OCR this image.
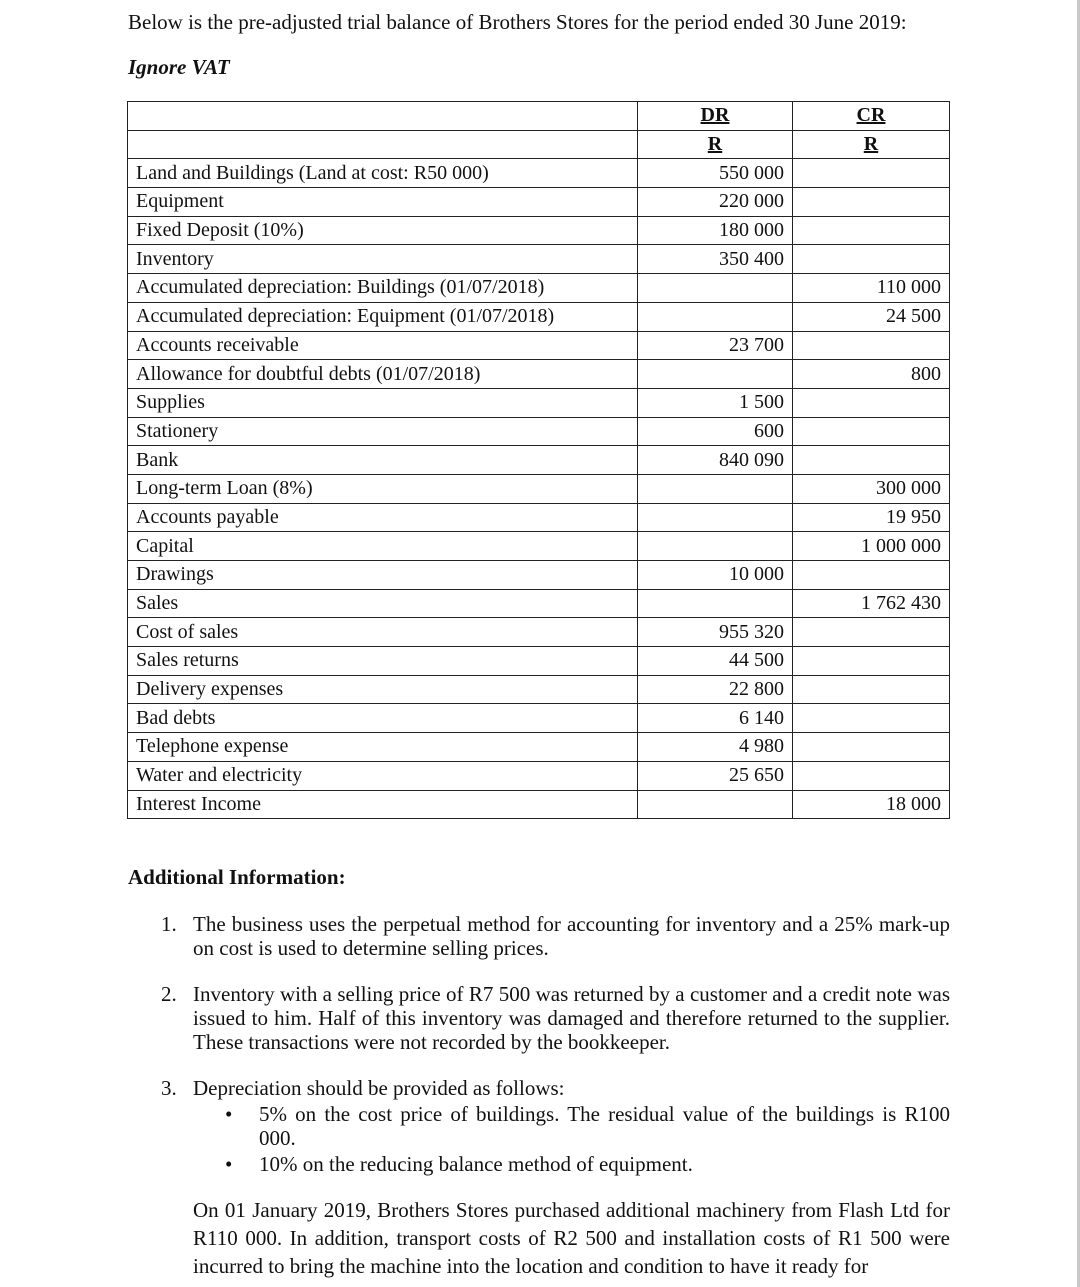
Below is the pre-adjusted trial balance of Brothers Stores for the period ended 30 June 2019:
Ignore VAT
	DR	CR
	R	R
Land and Buildings (Land at cost: R50 000)	550 000	
Equipment	220 000	
Fixed Deposit (10%)	180 000	
Inventory	350 400	
Accumulated depreciation: Buildings (01/07/2018)		110 000
Accumulated depreciation: Equipment (01/07/2018)		24 500
Accounts receivable	23 700	
Allowance for doubtful debts (01/07/2018)		800
Supplies	1 500	
Stationery	600	
Bank	840 090	
Long-term Loan (8%)		300 000
Accounts payable		19 950
Capital		1 000 000
Drawings	10 000	
Sales		1 762 430
Cost of sales	955 320	
Sales returns	44 500	
Delivery expenses	22 800	
Bad debts	6 140	
Telephone expense	4 980	
Water and electricity	25 650	
Interest Income		18 000
Additional Information:
1. The business uses the perpetual method for accounting for inventory and a 25% mark-up on cost is used to determine selling prices.
2. Inventory with a selling price of R7 500 was returned by a customer and a credit note was issued to him. Half of this inventory was damaged and therefore returned to the supplier. These transactions were not recorded by the bookkeeper.
3. Depreciation should be provided as follows:
• 5% on the cost price of buildings. The residual value of the buildings is R100 000.
• 10% on the reducing balance method of equipment.

On 01 January 2019, Brothers Stores purchased additional machinery from Flash Ltd for R110 000. In addition, transport costs of R2 500 and installation costs of R1 500 were incurred to bring the machine into the location and condition to have it ready for
